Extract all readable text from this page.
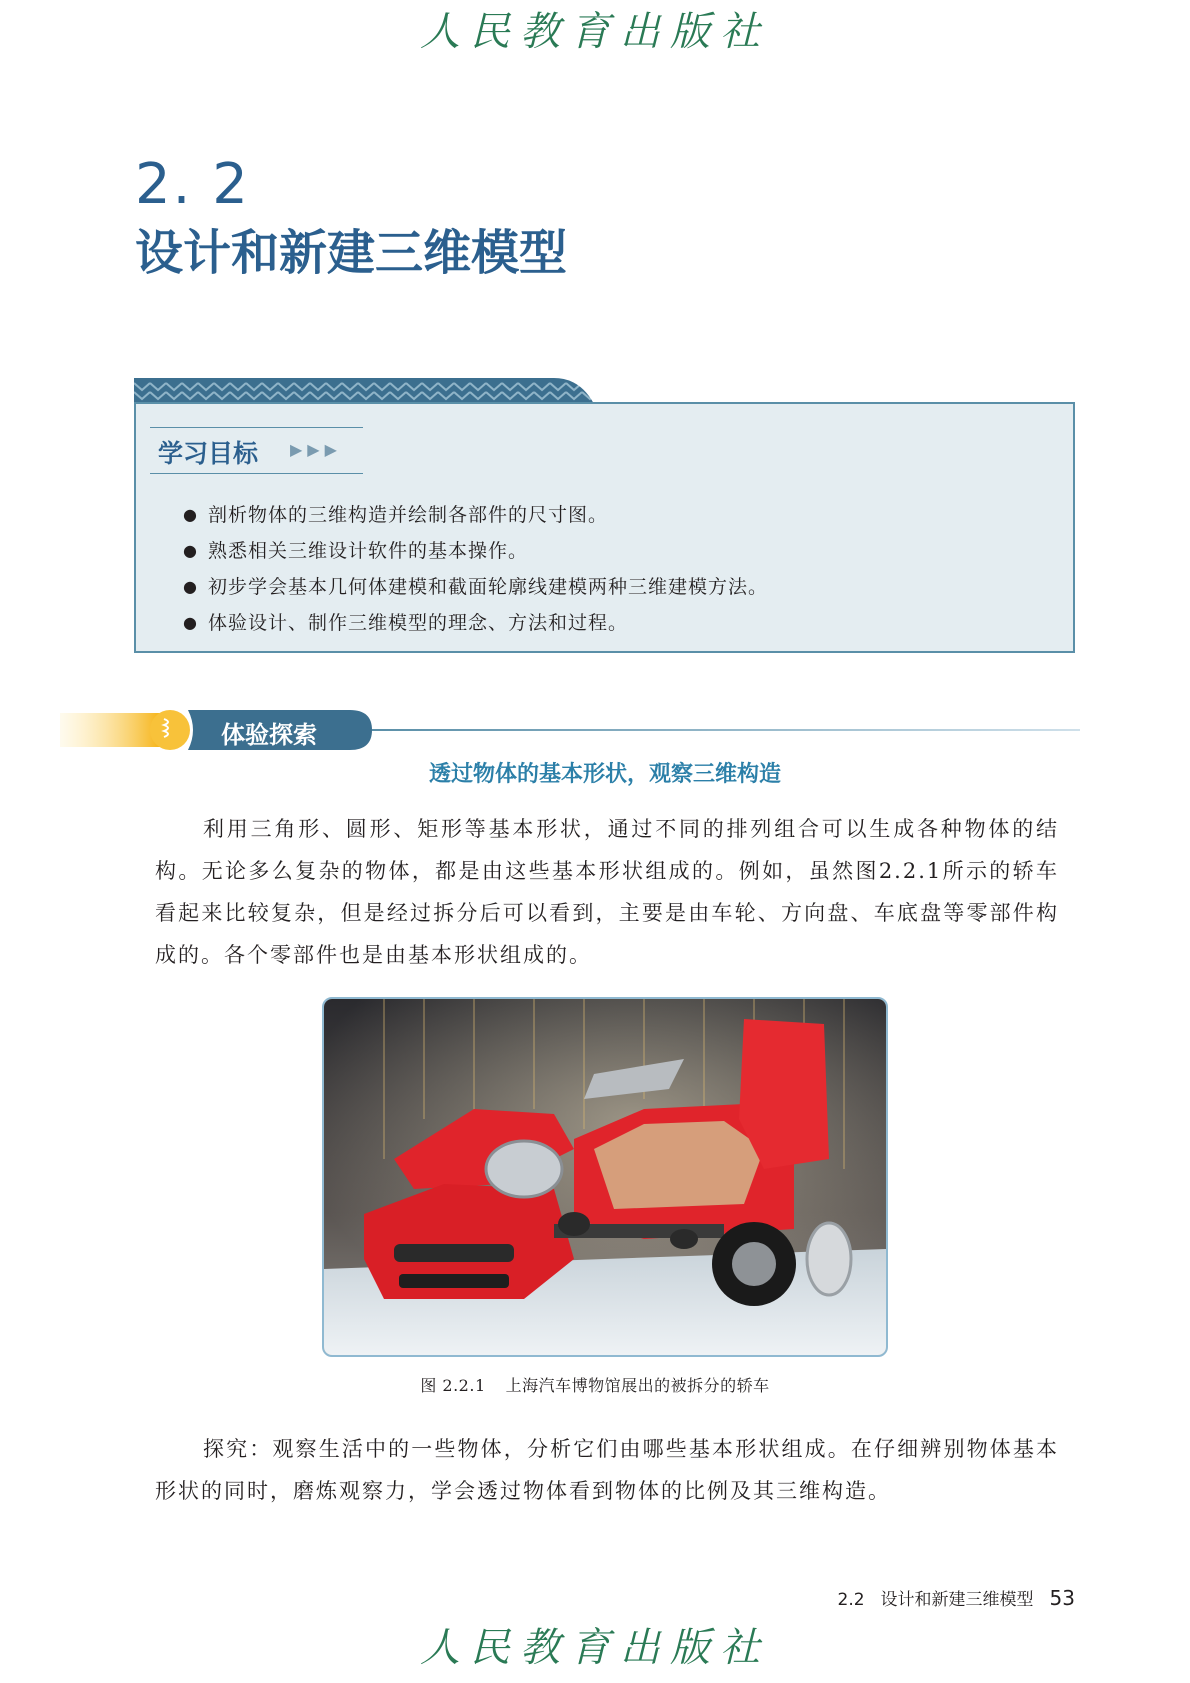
人民教育出版社
2. 2
设计和新建三维模型
学习目标 ▶▶▶
● 剖析物体的三维构造并绘制各部件的尺寸图。
● 熟悉相关三维设计软件的基本操作。
● 初步学会基本几何体建模和截面轮廓线建模两种三维建模方法。
● 体验设计、制作三维模型的理念、方法和过程。
体验探索
透过物体的基本形状，观察三维构造

利用三角形、圆形、矩形等基本形状，通过不同的排列组合可以生成各种物体的结构。无论多么复杂的物体，都是由这些基本形状组成的。例如，虽然图2.2.1所示的轿车看起来比较复杂，但是经过拆分后可以看到，主要是由车轮、方向盘、车底盘等零部件构成的。各个零部件也是由基本形状组成的。

图 2.2.1 上海汽车博物馆展出的被拆分的轿车

探究：观察生活中的一些物体，分析它们由哪些基本形状组成。在仔细辨别物体基本形状的同时，磨炼观察力，学会透过物体看到物体的比例及其三维构造。

2.2 设计和新建三维模型 53
人民教育出版社
